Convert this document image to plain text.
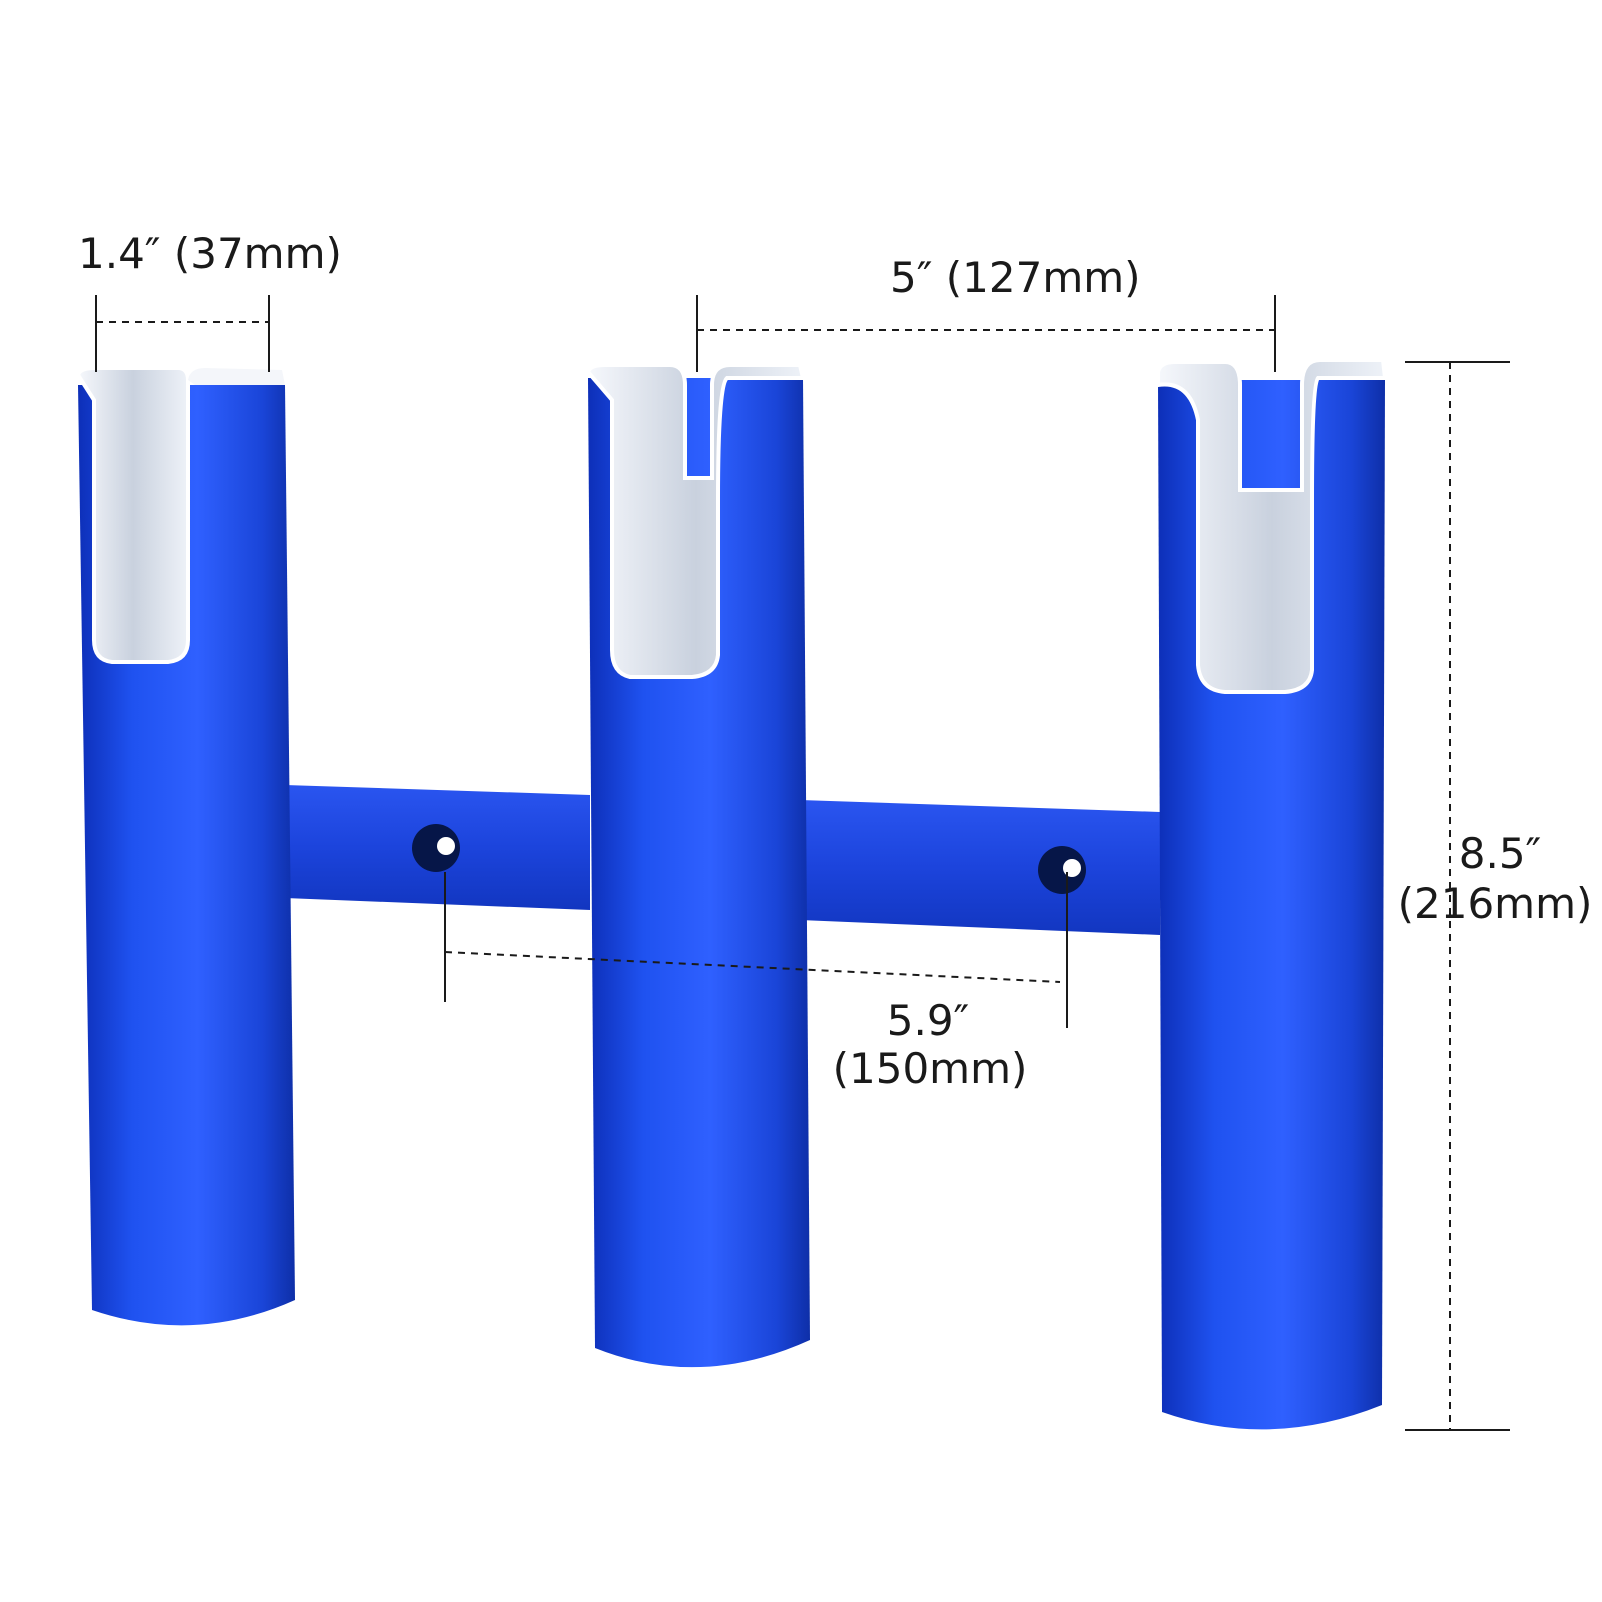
1.4″ (37mm)	5″ (127mm)
5.9″
(150mm)
8.5″
(216mm)
